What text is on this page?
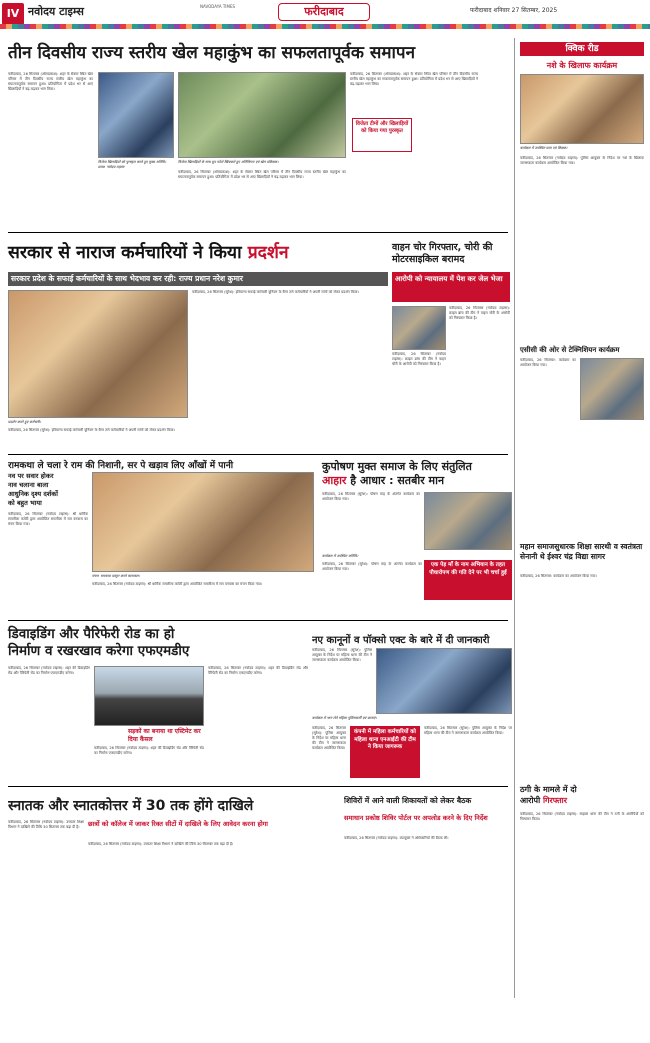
IV नवोदय टाइम्स	NAVODAYA TIMES	फरीदाबाद	फरीदाबाद शनिवार 27 सितम्बर, 2025
तीन दिवसीय राज्य स्तरीय खेल महाकुंभ का सफलतापूर्वक समापन
फरीदाबाद, 26 सितम्बर (ओमप्रकाश): शहर के सेक्टर स्थित खेल परिसर में तीन दिवसीय राज्य स्तरीय खेल महाकुंभ का सफलतापूर्वक समापन हुआ। प्रतियोगिता में प्रदेश भर से आए खिलाड़ियों ने बढ़-चढ़कर भाग लिया।
विजेता खिलाड़ियों को पुरस्कृत करते हुए मुख्य अतिथि। छाया: नवोदय टाइम्स
विजेता खिलाड़ियों के साथ ग्रुप फोटो खिंचवाते हुए अतिथिगण एवं खेल प्रशिक्षक।
फरीदाबाद, 26 सितम्बर (ओमप्रकाश): शहर के सेक्टर स्थित खेल परिसर में तीन दिवसीय राज्य स्तरीय खेल महाकुंभ का सफलतापूर्वक समापन हुआ। प्रतियोगिता में प्रदेश भर से आए खिलाड़ियों ने बढ़-चढ़कर भाग लिया।
फरीदाबाद, 26 सितम्बर (ओमप्रकाश): शहर के सेक्टर स्थित खेल परिसर में तीन दिवसीय राज्य स्तरीय खेल महाकुंभ का सफलतापूर्वक समापन हुआ। प्रतियोगिता में प्रदेश भर से आए खिलाड़ियों ने बढ़-चढ़कर भाग लिया।
विजेता टीमों और खिलाड़ियों को किया गया पुरस्कृत
क्विक रीड
नशे के खिलाफ कार्यक्रम
कार्यक्रम में उपस्थित छात्र एवं शिक्षक।
फरीदाबाद, 26 सितम्बर (नवोदय टाइम्स): पुलिस आयुक्त के निर्देश पर नशे के खिलाफ जागरूकता कार्यक्रम आयोजित किया गया।
सरकार से नाराज कर्मचारियों ने किया प्रदर्शन
सरकार प्रदेश के सफाई कर्मचारियों के साथ भेदभाव कर रही: राज्य प्रधान नरेश कुमार
प्रदर्शन करते हुए कर्मचारी।
फरीदाबाद, 26 सितम्बर (सुरेश): हरियाणा सफाई कर्मचारी यूनियन के बैनर तले कर्मचारियों ने अपनी मांगों को लेकर प्रदर्शन किया।
फरीदाबाद, 26 सितम्बर (सुरेश): हरियाणा सफाई कर्मचारी यूनियन के बैनर तले कर्मचारियों ने अपनी मांगों को लेकर प्रदर्शन किया।
वाहन चोर गिरफ्तार, चोरी की मोटरसाइकिल बरामद
आरोपी को न्यायालय में पेश कर जेल भेजा
फरीदाबाद, 26 सितम्बर (नवोदय टाइम्स): क्राइम ब्रांच की टीम ने वाहन चोरी के आरोपी को गिरफ्तार किया है।
फरीदाबाद, 26 सितम्बर (नवोदय टाइम्स): क्राइम ब्रांच की टीम ने वाहन चोरी के आरोपी को गिरफ्तार किया है।
एसीसी की ओर से टेक्निशियन कार्यक्रम
फरीदाबाद, 26 सितम्बर: कार्यक्रम का आयोजन किया गया।
महान समाजसुधारक शिक्षा सारथी व स्वतंत्रता सेनानी थे ईश्वर चंद्र विद्या सागर
फरीदाबाद, 26 सितम्बर: कार्यक्रम का आयोजन किया गया।
रामकथा ले चला रे राम की निशानी, सर पे खड़ाव लिए आँखों में पानी
नव पर सवार होकर
नाव चलाना बाला
आधुनिक दृश्य दर्शकों
को बहुत भाया
फरीदाबाद, 26 सितम्बर (नवोदय टाइम्स): श्री धार्मिक रामलीला कमेटी द्वारा आयोजित रामलीला में राम वनवास का मंचन किया गया।
मंचन: रामकथा प्रस्तुत करते कलाकार।
फरीदाबाद, 26 सितम्बर (नवोदय टाइम्स): श्री धार्मिक रामलीला कमेटी द्वारा आयोजित रामलीला में राम वनवास का मंचन किया गया।
कुपोषण मुक्त समाज के लिए संतुलित
आहार है आधार : सतबीर मान
फरीदाबाद, 26 सितम्बर (सुरेश): पोषण माह के अंतर्गत कार्यक्रम का आयोजन किया गया।
कार्यक्रम में उपस्थित अतिथि।
फरीदाबाद, 26 सितम्बर (सुरेश): पोषण माह के अंतर्गत कार्यक्रम का आयोजन किया गया।
एक पेड़ माँ के नाम अभियान के तहत पौधारोपण की गति देने पर भी चर्चा हुई
डिवाइडिंग और पैरिफेरी रोड का हो
निर्माण व रखरखाव करेगा एफएमडीए
फरीदाबाद, 26 सितम्बर (नवोदय टाइम्स): शहर की डिवाइडिंग रोड और पैरिफेरी रोड का निर्माण एफएमडीए करेगा।
फरीदाबाद, 26 सितम्बर (नवोदय टाइम्स): शहर की डिवाइडिंग रोड और पैरिफेरी रोड का निर्माण एफएमडीए करेगा।
सड़कों का बनाया था एस्टिमेट कर दिया कैंसल
फरीदाबाद, 26 सितम्बर (नवोदय टाइम्स): शहर की डिवाइडिंग रोड और पैरिफेरी रोड का निर्माण एफएमडीए करेगा।
नए कानूनों व पॉक्सो एक्ट के बारे में दी जानकारी
फरीदाबाद, 26 सितम्बर (सुरेश): पुलिस आयुक्त के निर्देश पर महिला थाना की टीम ने जागरूकता कार्यक्रम आयोजित किया।
कार्यक्रम में भाग लेते महिला पुलिसकर्मी एवं छात्राएं।
फरीदाबाद, 26 सितम्बर (सुरेश): पुलिस आयुक्त के निर्देश पर महिला थाना की टीम ने जागरूकता कार्यक्रम आयोजित किया।
कंपनी में महिला कर्मचारियों को महिला थाना एनआईटी की टीम ने किया जागरूक
फरीदाबाद, 26 सितम्बर (सुरेश): पुलिस आयुक्त के निर्देश पर महिला थाना की टीम ने जागरूकता कार्यक्रम आयोजित किया।
स्नातक और स्नातकोत्तर में 30 तक होंगे दाखिले
फरीदाबाद, 26 सितम्बर (नवोदय टाइम्स): उच्चतर शिक्षा विभाग ने दाखिले की तिथि 30 सितम्बर तक बढ़ा दी है।	छात्रों को कॉलेज में जाकर रिक्त सीटों में दाखिले के लिए आवेदन करना होगा
फरीदाबाद, 26 सितम्बर (नवोदय टाइम्स): उच्चतर शिक्षा विभाग ने दाखिले की तिथि 30 सितम्बर तक बढ़ा दी है।
शिविरों में आने वाली शिकायतों को लेकर बैठक
समाधान प्रकोष्ठ शिविर पोर्टल पर अपलोड करने के दिए निर्देश
फरीदाबाद, 26 सितम्बर (नवोदय टाइम्स): उपायुक्त ने अधिकारियों की बैठक ली।
ठगी के मामले में दो
आरोपी गिरफ्तार
फरीदाबाद, 26 सितम्बर (नवोदय टाइम्स): साइबर थाना की टीम ने ठगी के आरोपियों को गिरफ्तार किया।
